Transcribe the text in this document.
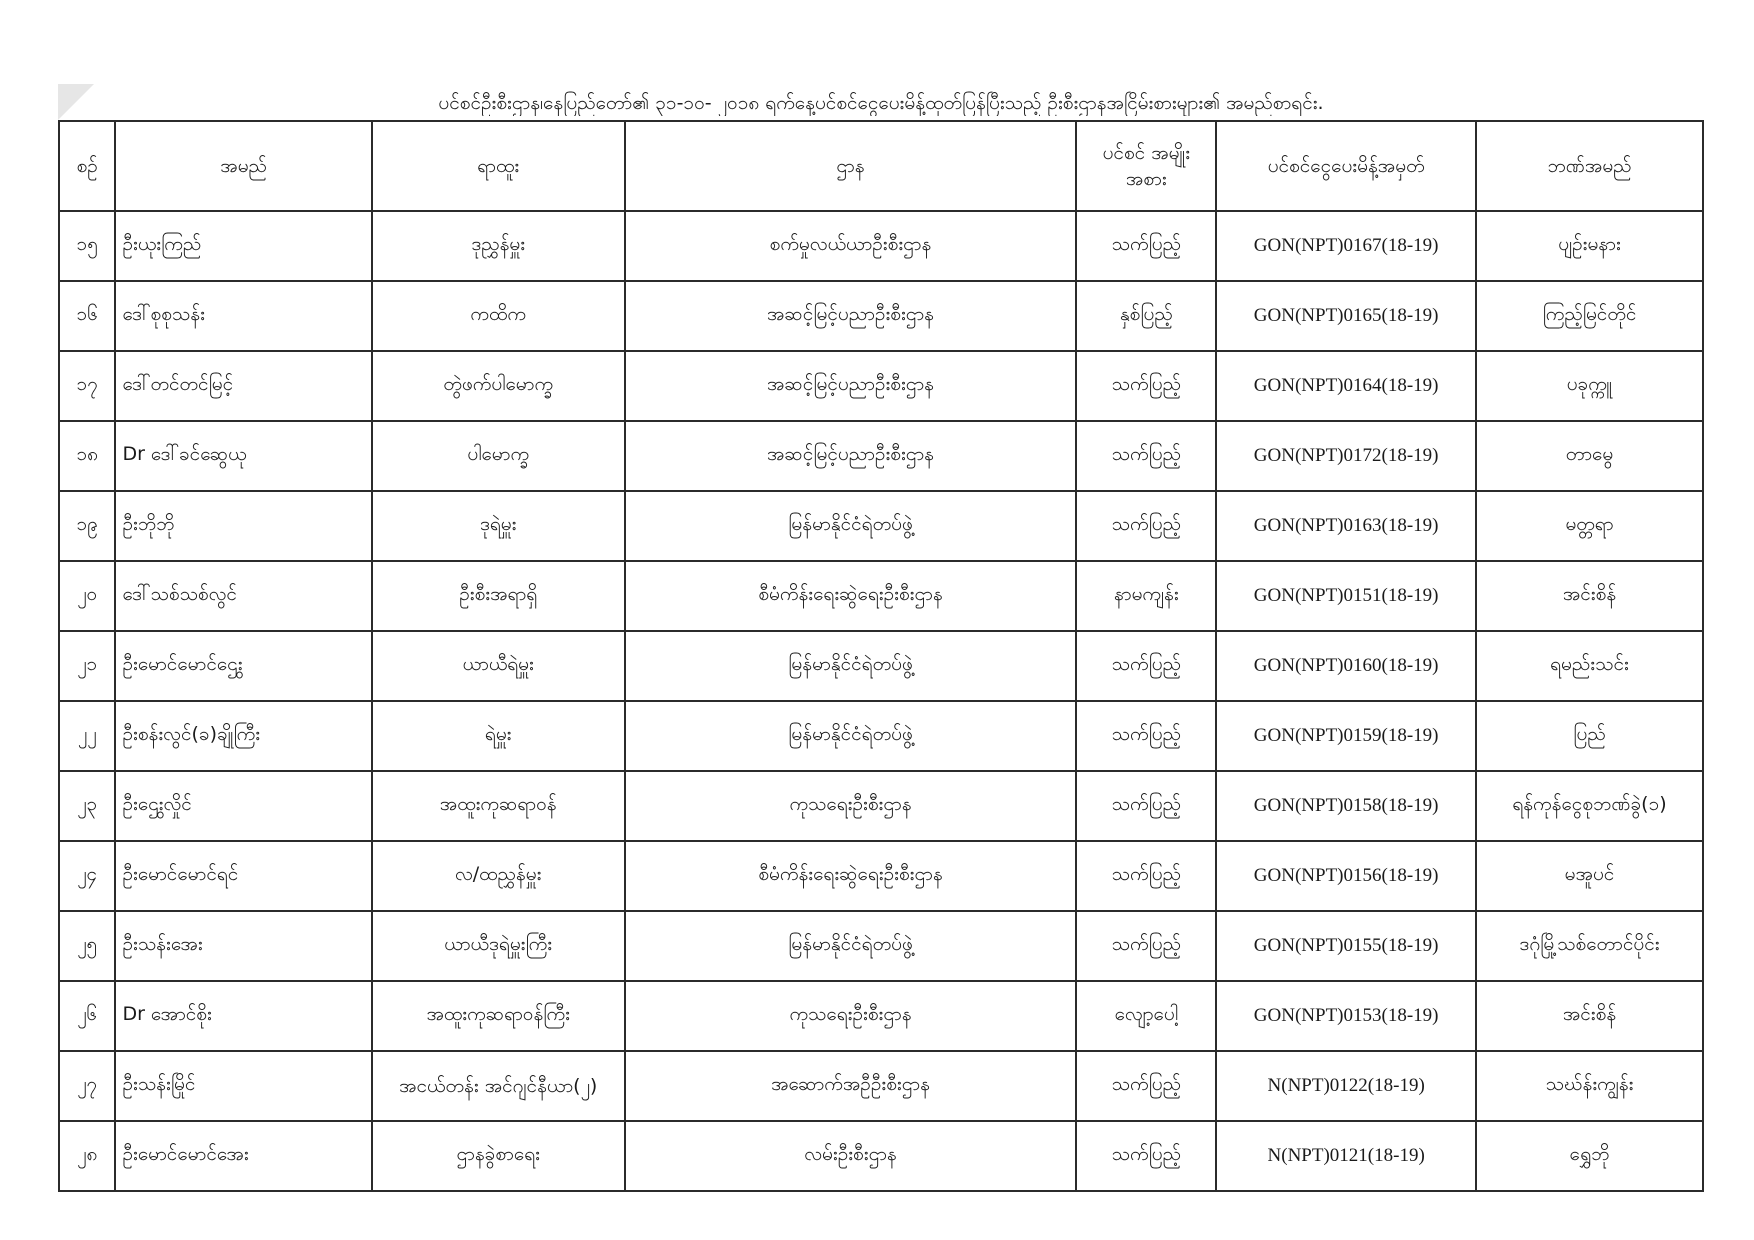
ပင်စင်ဦးစီးဌာန၊နေပြည်တော်၏ ၃၁-၁၀- ၂၀၁၈ ရက်နေ့ပင်စင်ငွေပေးမိန့်ထုတ်ပြန်ပြီးသည့် ဦးစီးဌာနအငြိမ်းစားများ၏ အမည်စာရင်း.
စဉ်	အမည်	ရာထူး	ဌာန	ပင်စင် အမျိုးအစား	ပင်စင်ငွေပေးမိန့်အမှတ်	ဘဏ်အမည်
၁၅	ဦးယုးကြည်	ဒုညွှန်မှူး	စက်မှုလယ်ယာဦးစီးဌာန	သက်ပြည့်	GON(NPT)0167(18-19)	ပျဉ်းမနား
၁၆	ဒေါ်စုစုသန်း	ကထိက	အဆင့်မြင့်ပညာဦးစီးဌာန	နှစ်ပြည့်	GON(NPT)0165(18-19)	ကြည့်မြင်တိုင်
၁၇	ဒေါ်တင်တင်မြင့်	တွဲဖက်ပါမောက္ခ	အဆင့်မြင့်ပညာဦးစီးဌာန	သက်ပြည့်	GON(NPT)0164(18-19)	ပခုက္ကူ
၁၈	Dr ဒေါ်ခင်ဆွေယု	ပါမောက္ခ	အဆင့်မြင့်ပညာဦးစီးဌာန	သက်ပြည့်	GON(NPT)0172(18-19)	တာမွေ
၁၉	ဦးဘိုဘို	ဒုရဲမှူး	မြန်မာနိုင်ငံရဲတပ်ဖွဲ့	သက်ပြည့်	GON(NPT)0163(18-19)	မတ္တရာ
၂၀	ဒေါ်သစ်သစ်လွင်	ဦးစီးအရာရှိ	စီမံကိန်းရေးဆွဲရေးဦးစီးဌာန	နာမကျန်း	GON(NPT)0151(18-19)	အင်းစိန်
၂၁	ဦးမောင်မောင်ဌွေး	ယာယီရဲမှူး	မြန်မာနိုင်ငံရဲတပ်ဖွဲ့	သက်ပြည့်	GON(NPT)0160(18-19)	ရမည်းသင်း
၂၂	ဦးစန်းလွင်(ခ)ချိုကြီး	ရဲမှူး	မြန်မာနိုင်ငံရဲတပ်ဖွဲ့	သက်ပြည့်	GON(NPT)0159(18-19)	ပြည်
၂၃	ဦးဌွေးလှိုင်	အထူးကုဆရာဝန်	ကုသရေးဦးစီးဌာန	သက်ပြည့်	GON(NPT)0158(18-19)	ရန်ကုန်ငွေစုဘဏ်ခွဲ(၁)
၂၄	ဦးမောင်မောင်ရင်	လ/ထညွှန်မှူး	စီမံကိန်းရေးဆွဲရေးဦးစီးဌာန	သက်ပြည့်	GON(NPT)0156(18-19)	မအူပင်
၂၅	ဦးသန်းအေး	ယာယီဒုရဲမှူးကြီး	မြန်မာနိုင်ငံရဲတပ်ဖွဲ့	သက်ပြည့်	GON(NPT)0155(18-19)	ဒဂုံမြို့သစ်တောင်ပိုင်း
၂၆	Dr အောင်စိုး	အထူးကုဆရာဝန်ကြီး	ကုသရေးဦးစီးဌာန	လျော့ပေါ့	GON(NPT)0153(18-19)	အင်းစိန်
၂၇	ဦးသန်းမြိုင်	အငယ်တန်း အင်ဂျင်နီယာ(၂)	အဆောက်အဦဦးစီးဌာန	သက်ပြည့်	N(NPT)0122(18-19)	သဃ်န်းကျွန်း
၂၈	ဦးမောင်မောင်အေး	ဌာနခွဲစာရေး	လမ်းဦးစီးဌာန	သက်ပြည့်	N(NPT)0121(18-19)	ရွှေဘို
